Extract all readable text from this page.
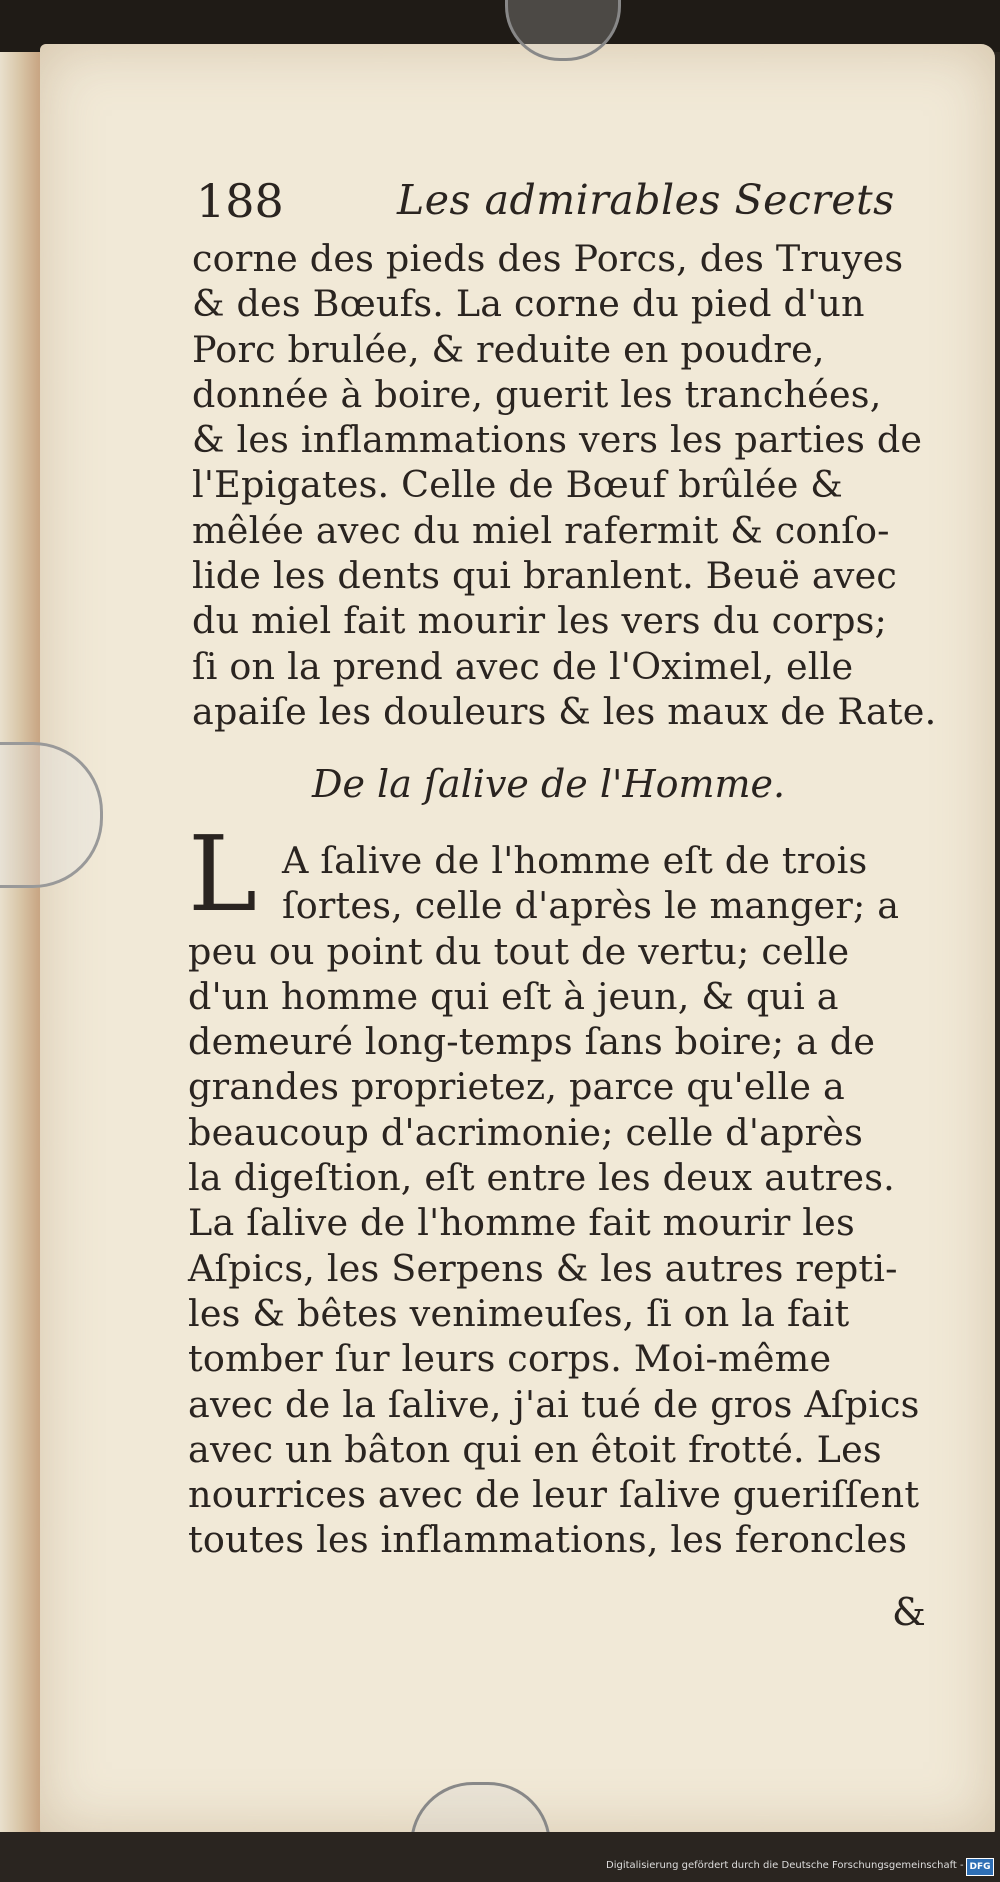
188	Les admirables Secrets
corne des pieds des Porcs, des Truyes
& des Bœufs. La corne du pied d'un
Porc brulée, & reduite en poudre,
donnée à boire, guerit les tranchées,
& les inflammations vers les parties de
l'Epigates. Celle de Bœuf brûlée &
mêlée avec du miel rafermit & conſo-
lide les dents qui branlent. Beuë avec
du miel fait mourir les vers du corps;
ſi on la prend avec de l'Oximel, elle
apaiſe les douleurs & les maux de Rate.
De la ſalive de l'Homme.
L A ſalive de l'homme eſt de trois
ſortes, celle d'après le manger; a
peu ou point du tout de vertu; celle
d'un homme qui eſt à jeun, & qui a
demeuré long-temps ſans boire; a de
grandes proprietez, parce qu'elle a
beaucoup d'acrimonie; celle d'après
la digeſtion, eſt entre les deux autres.
La ſalive de l'homme fait mourir les
Aſpics, les Serpens & les autres repti-
les & bêtes venimeuſes, ſi on la fait
tomber ſur leurs corps. Moi-même
avec de la ſalive, j'ai tué de gros Aſpics
avec un bâton qui en êtoit frotté. Les
nourrices avec de leur ſalive gueriſſent
toutes les inflammations, les feroncles
&
Digitalisierung gefördert durch die Deutsche Forschungsgemeinschaft - DFG
